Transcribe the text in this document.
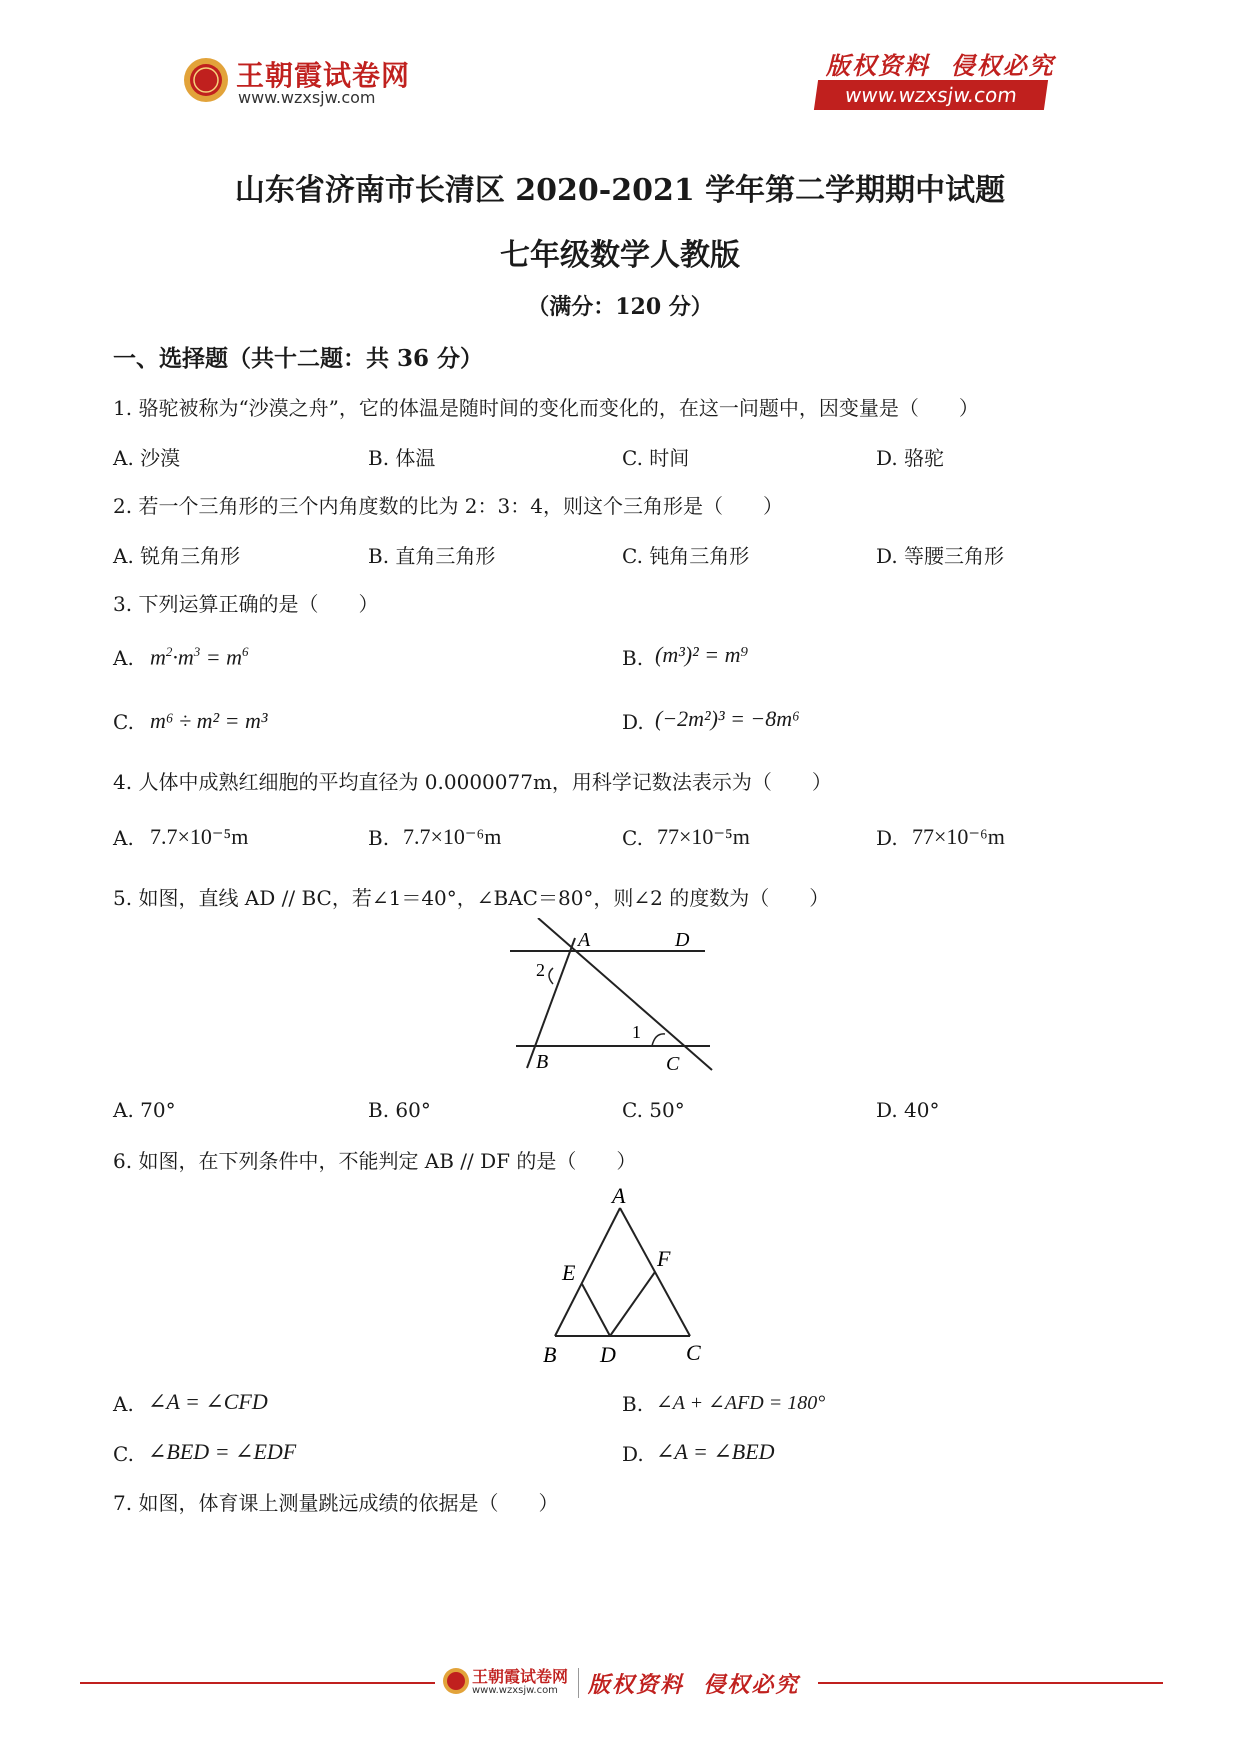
王朝霞试卷网
www.wzxsjw.com
版权资料  侵权必究
www.wzxsjw.com
山东省济南市长清区 2020-2021 学年第二学期期中试题
七年级数学人教版
（满分：120 分）
一、选择题（共十二题：共 36 分）
1. 骆驼被称为“沙漠之舟”，它的体温是随时间的变化而变化的，在这一问题中，因变量是（　　）
A. 沙漠	B. 体温	C. 时间	D. 骆驼
2. 若一个三角形的三个内角度数的比为 2：3：4，则这个三角形是（　　）
A. 锐角三角形	B. 直角三角形	C. 钝角三角形	D. 等腰三角形
3. 下列运算正确的是（　　）
A. $m^2\cdot m^3 = m^6$	B. (m³)² = m⁹
C. m⁶ ÷ m² = m³	D. (−2m²)³ = −8m⁶
4. 人体中成熟红细胞的平均直径为 0.0000077m，用科学记数法表示为（　　）
A. 7.7×10⁻⁵m	B. 7.7×10⁻⁶m	C. 77×10⁻⁵m	D. 77×10⁻⁶m
5. 如图，直线 AD // BC，若∠1＝40°，∠BAC＝80°，则∠2 的度数为（　　）
A	D
B	C
1
2
A. 70°	B. 60°	C. 50°	D. 40°
6. 如图，在下列条件中，不能判定 AB // DF 的是（　　）
A
B	C
D
E
F
A. ∠A = ∠CFD	B. ∠A + ∠AFD = 180°
C. ∠BED = ∠EDF	D. ∠A = ∠BED
7. 如图，体育课上测量跳远成绩的依据是（　　）
王朝霞试卷网
www.wzxsjw.com 版权资料  侵权必究
